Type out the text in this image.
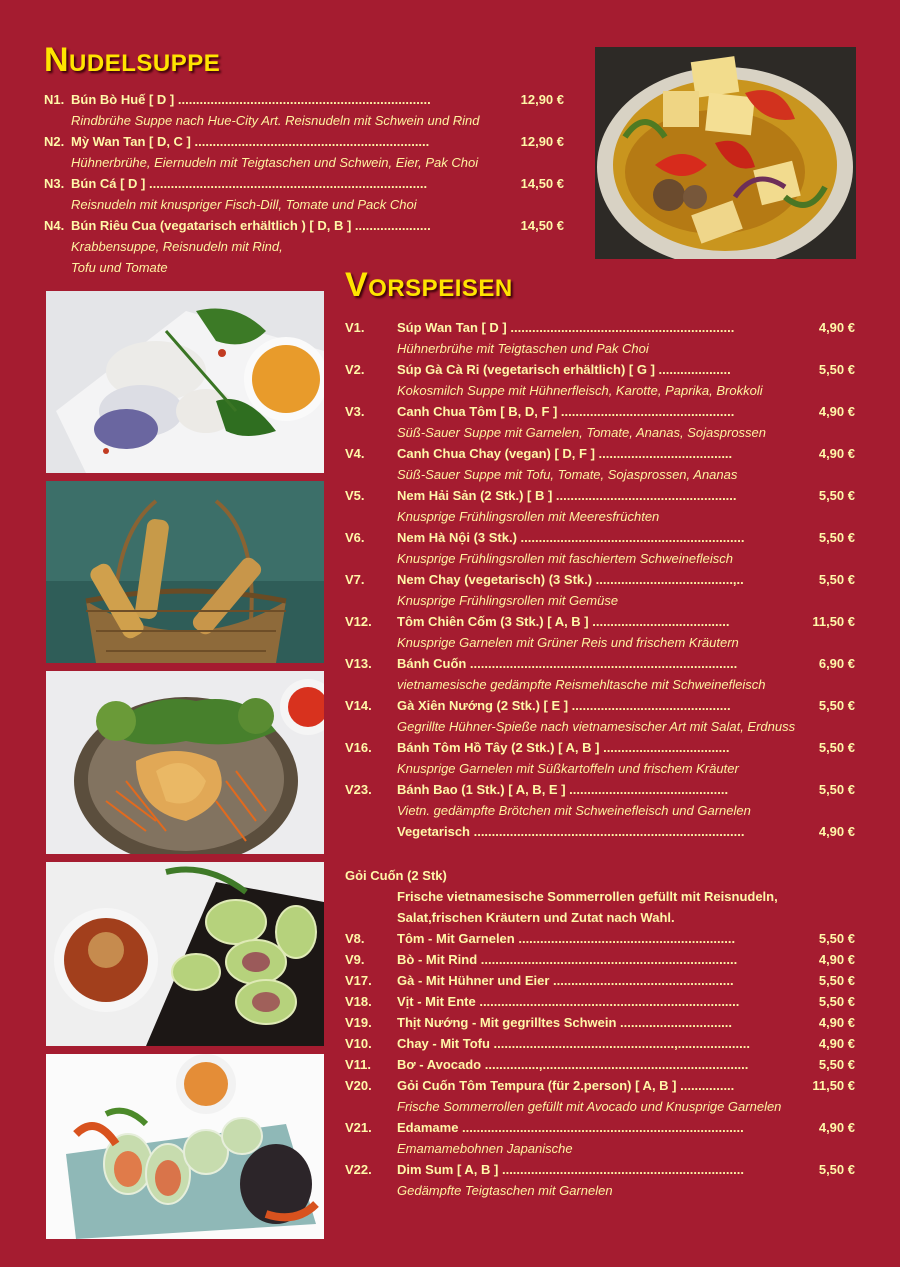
Nudelsuppe
N1. Bún Bò Huế [ D ] ......................................................................	12,90 €
Rindbrühe Suppe nach Hue-City Art. Reisnudeln mit Schwein und Rind
N2. Mỳ Wan Tan [ D, C ] .................................................................	12,90 €
Hühnerbrühe, Eiernudeln mit Teigtaschen und Schwein, Eier, Pak Choi
N3. Bún Cá [ D ] .............................................................................	14,50 €
Reisnudeln mit knuspriger Fisch-Dill, Tomate und Pack Choi
N4. Bún Riêu Cua (vegatarisch erhältlich ) [ D, B ] .....................	14,50 €
Krabbensuppe, Reisnudeln mit Rind,
Tofu und Tomate	Vorspeisen
V1. Súp Wan Tan [ D ] ..............................................................	4,90 €
Hühnerbrühe mit Teigtaschen und Pak Choi
V2. Súp Gà Cà Ri (vegetarisch erhältlich) [ G ] ....................	5,50 €
Kokosmilch Suppe mit Hühnerfleisch, Karotte, Paprika, Brokkoli
V3. Canh Chua Tôm [ B, D, F ] ................................................	4,90 €
Süß-Sauer Suppe mit Garnelen, Tomate, Ananas, Sojasprossen
V4. Canh Chua Chay (vegan) [ D, F ] .....................................	4,90 €
Süß-Sauer Suppe mit Tofu, Tomate, Sojasprossen, Ananas
V5. Nem Hải Sản (2 Stk.) [ B ] ..................................................	5,50 €
Knusprige Frühlingsrollen mit Meeresfrüchten
V6. Nem Hà Nội (3 Stk.) ..............................................................	5,50 €
Knusprige Frühlingsrollen mit faschiertem Schweinefleisch
V7. Nem Chay (vegetarisch) (3 Stk.) ......................................,..	5,50 €
Knusprige Frühlingsrollen mit Gemüse
V12. Tôm Chiên Cốm (3 Stk.) [ A, B ] ......................................	11,50 €
Knusprige Garnelen mit Grüner Reis und frischem Kräutern
V13. Bánh Cuốn ..........................................................................	6,90 €
vietnamesische gedämpfte Reismehltasche mit Schweinefleisch
V14. Gà Xiên Nướng (2 Stk.) [ E ] ............................................	5,50 €
Gegrillte Hühner-Spieße nach vietnamesischer Art mit Salat, Erdnuss
V16. Bánh Tôm Hồ Tây (2 Stk.) [ A, B ] ...................................	5,50 €
Knusprige Garnelen mit Süßkartoffeln und frischem Kräuter
V23. Bánh Bao (1 Stk.) [ A, B, E ] ............................................	5,50 €
Vietn. gedämpfte Brötchen mit Schweinefleisch und Garnelen
Vegetarisch ...........................................................................	4,90 €
Gỏi Cuốn (2 Stk)
Frische vietnamesische Sommerrollen gefüllt mit Reisnudeln,
Salat,frischen Kräutern und Zutat nach Wahl.
V8. Tôm - Mit Garnelen ............................................................	5,50 €
V9. Bò - Mit Rind .......................................................................	4,90 €
V17. Gà - Mit Hühner und Eier ..................................................	5,50 €
V18. Vịt - Mit Ente ........................................................................	5,50 €
V19. Thịt Nướng - Mit gegrilltes Schwein ...............................	4,90 €
V10. Chay - Mit Tofu ..................................................,....................	4,90 €
V11. Bơ - Avocado ...............,.........................................................	5,50 €
V20. Gỏi Cuốn Tôm Tempura (für 2.person) [ A, B ] ...............	11,50 €
Frische Sommerrollen gefüllt mit Avocado und Knusprige Garnelen
V21. Edamame ..............................................................................	4,90 €
Emamamebohnen Japanische
V22. Dim Sum [ A, B ] ...................................................................	5,50 €
Gedämpfte Teigtaschen mit Garnelen
